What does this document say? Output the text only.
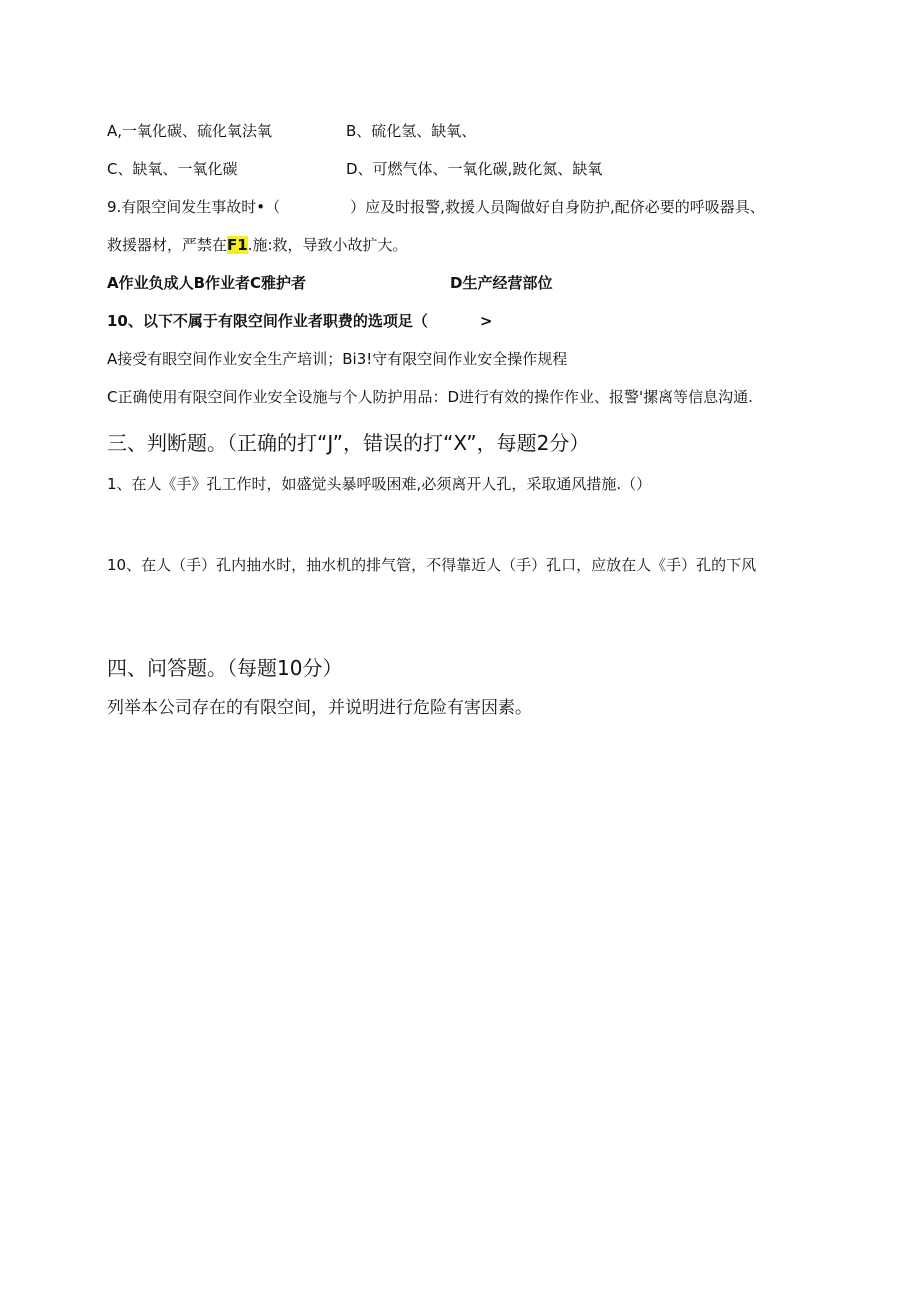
A,一氧化碳、硫化氧法氧	B、硫化氢、缺氧、
C、缺氧、一氧化碳	D、可燃气体、一氧化碳,跛化氮、缺氧
9.有限空间发生事故时•（	）应及时报警,救援人员陶做好自身防护,配侪必要的呼吸器具、
救援器材，严禁在F1.施:救，导致小故扩大。
A作业负成人B作业者C雅护者	D生产经营部位
10、以下不属于有限空间作业者职费的选项足（	>
A接受有眼空间作业安全生产培训；Bi3!守有限空间作业安全操作规程
C正确使用有限空间作业安全设施与个人防护用品：D进行有效的操作作业、报警'摞离等信息沟通.
三、判断题。（正确的打“J”，错误的打“X”，每题2分）
1、在人《手》孔工作时，如盛觉头暴呼吸困难,必须离开人孔，采取通风措施.（）
10、在人（手）孔内抽水时，抽水机的排气管，不得靠近人（手）孔口，应放在人《手）孔的下风
四、问答题。（每题10分）
列举本公司存在的有限空间，并说明进行危险有害因素。
